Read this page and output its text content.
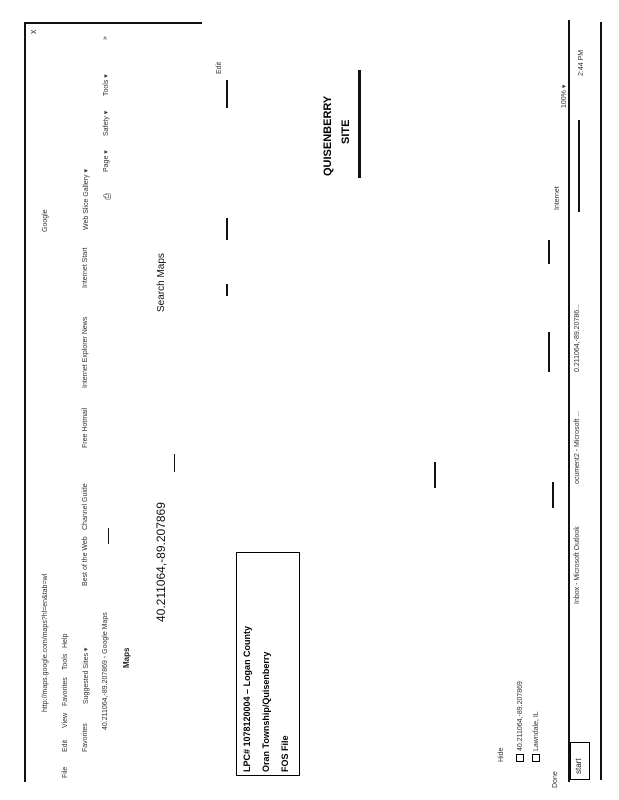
x
http://maps.google.com/maps?hl=en&tab=wl
Google
File
Edit
View
Favorites
Tools
Help
Favorites
Suggested Sites ▾
Best of the Web
Channel Guide
Free Hotmail
Internet Explorer News
Internet Start
Web Slice Gallery ▾
40.211064,-89.207869 - Google Maps
⎙
Page ▾
Safety ▾
Tools ▾
»
Maps
40.211064,-89.207869
Search Maps
Edit
QUISENBERRY SITE
LPC# 1078120004 – Logan County Oran Township/Quisenberry FOS File	Hide
40.211064,-89.207869 Lawndale, IL
Done
Internet
100% ▾
start
Inbox - Microsoft Outlook
ocument2 - Microsoft ...
0.211064,-89.20786...
2:44 PM
